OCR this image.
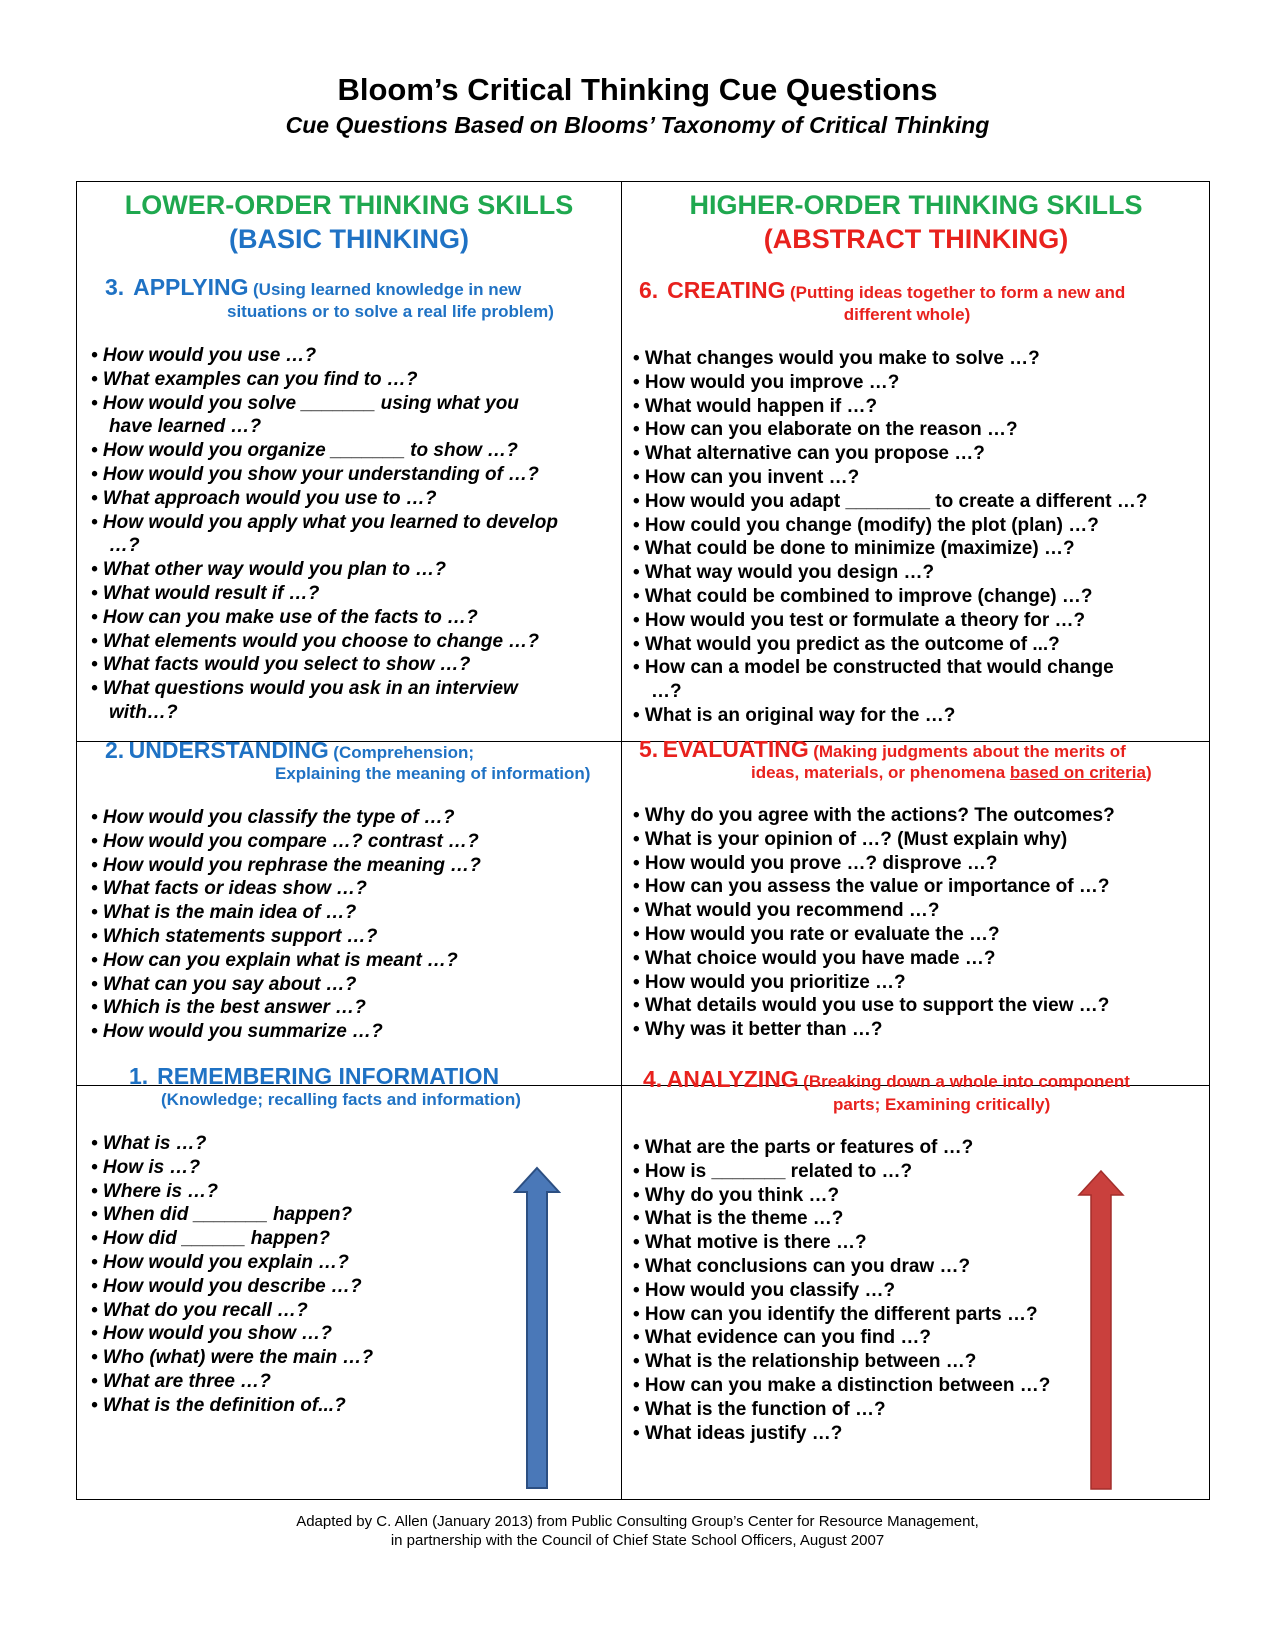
Bloom’s Critical Thinking Cue Questions
Cue Questions Based on Blooms’ Taxonomy of Critical Thinking
LOWER-ORDER THINKING SKILLS
(BASIC THINKING)
HIGHER-ORDER THINKING SKILLS
(ABSTRACT THINKING)
3. APPLYING (Using learned knowledge in new
situations or to solve a real life problem)
• How would you use …?
• What examples can you find to …?
• How would you solve _______ using what you
have learned …?
• How would you organize _______ to show …?
• How would you show your understanding of …?
• What approach would you use to …?
• How would you apply what you learned to develop
…?
• What other way would you plan to …?
• What would result if …?
• How can you make use of the facts to …?
• What elements would you choose to change …?
• What facts would you select to show …?
• What questions would you ask in an interview
with…?
6. CREATING (Putting ideas together to form a new and
different whole)
• What changes would you make to solve …?
• How would you improve …?
• What would happen if …?
• How can you elaborate on the reason …?
• What alternative can you propose …?
• How can you invent …?
• How would you adapt ________ to create a different …?
• How could you change (modify) the plot (plan) …?
• What could be done to minimize (maximize) …?
• What way would you design …?
• What could be combined to improve (change) …?
• How would you test or formulate a theory for …?
• What would you predict as the outcome of ...?
• How can a model be constructed that would change
…?
• What is an original way for the …?
2. UNDERSTANDING (Comprehension;
Explaining the meaning of information)
• How would you classify the type of …?
• How would you compare …? contrast …?
• How would you rephrase the meaning …?
• What facts or ideas show …?
• What is the main idea of …?
• Which statements support …?
• How can you explain what is meant …?
• What can you say about …?
• Which is the best answer …?
• How would you summarize …?
5. EVALUATING (Making judgments about the merits of
ideas, materials, or phenomena based on criteria)
• Why do you agree with the actions? The outcomes?
• What is your opinion of …? (Must explain why)
• How would you prove …? disprove …?
• How can you assess the value or importance of …?
• What would you recommend …?
• How would you rate or evaluate the …?
• What choice would you have made …?
• How would you prioritize …?
• What details would you use to support the view …?
• Why was it better than …?
1. REMEMBERING INFORMATION
(Knowledge; recalling facts and information)
• What is …?
• How is …?
• Where is …?
• When did _______ happen?
• How did ______ happen?
• How would you explain …?
• How would you describe …?
• What do you recall …?
• How would you show …?
• Who (what) were the main …?
• What are three …?
• What is the definition of...?
4. ANALYZING (Breaking down a whole into component
parts; Examining critically)
• What are the parts or features of …?
• How is _______ related to …?
• Why do you think …?
• What is the theme …?
• What motive is there …?
• What conclusions can you draw …?
• How would you classify …?
• How can you identify the different parts …?
• What evidence can you find …?
• What is the relationship between …?
• How can you make a distinction between …?
• What is the function of …?
• What ideas justify …?
Adapted by C. Allen (January 2013) from Public Consulting Group’s Center for Resource Management,
in partnership with the Council of Chief State School Officers, August 2007
